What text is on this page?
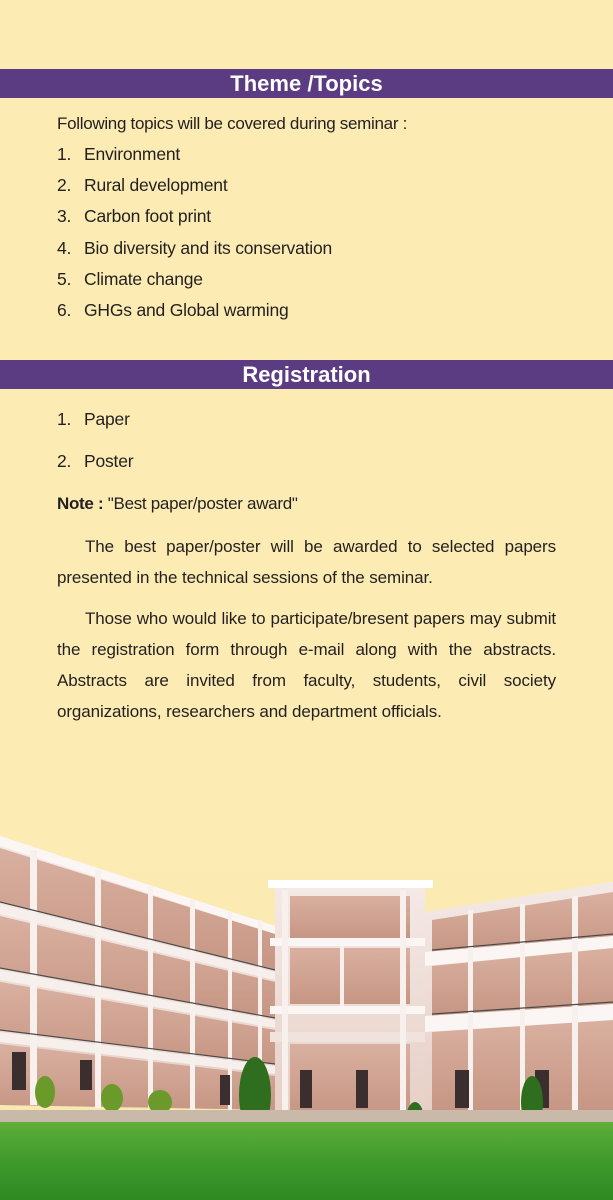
Theme /Topics
Following topics will be covered during seminar :
1. Environment
2. Rural development
3. Carbon foot print
4. Bio diversity and its conservation
5. Climate change
6. GHGs and Global warming
Registration
1. Paper
2. Poster
Note : "Best paper/poster award"

The best paper/poster will be awarded to selected papers presented in the technical sessions of the seminar.

Those who would like to participate/bresent papers may submit the registration form through e-mail along with the abstracts. Abstracts are invited from faculty, students, civil society organizations, researchers and department officials.
